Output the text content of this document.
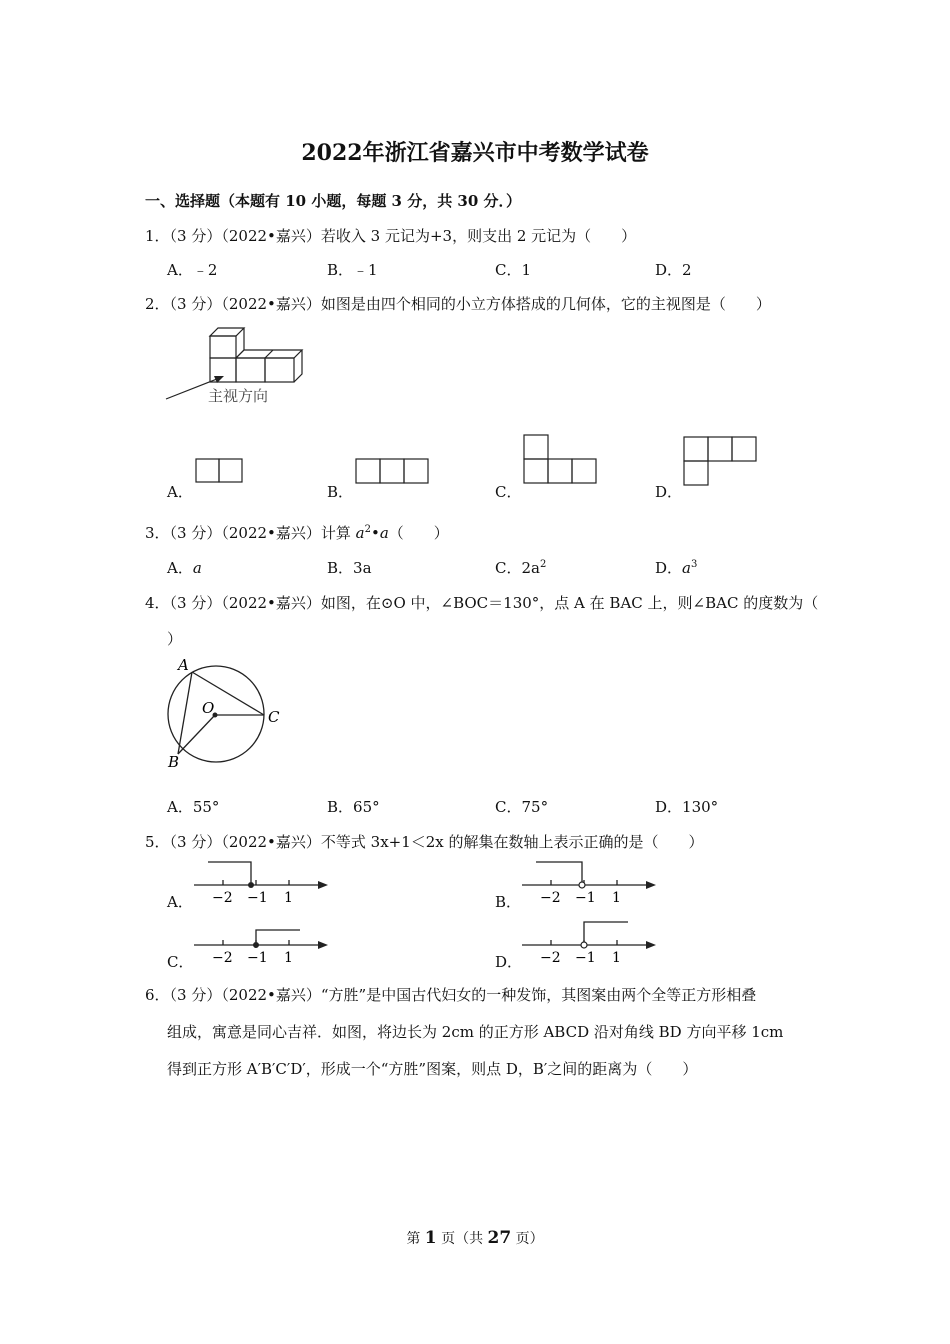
2022年浙江省嘉兴市中考数学试卷
一、选择题（本题有 10 小题，每题 3 分，共 30 分．）
1．（3 分）（2022•嘉兴）若收入 3 元记为+3，则支出 2 元记为（　　）
A．﹣2	B．﹣1	C．1	D．2
2．（3 分）（2022•嘉兴）如图是由四个相同的小立方体搭成的几何体，它的主视图是（　　）
主视方向
A．	B．	C．	D．
3．（3 分）（2022•嘉兴）计算 $a^2•a$（　　）
A．a	B．3a	C．$2a^2$	D．$a^3$
4．（3 分）（2022•嘉兴）如图，在⊙O 中，∠BOC＝130°，点 A 在 BAC 上，则∠BAC 的度数为（
）
A
O	C
B
A．55°	B．65°	C．75°	D．130°
5．（3 分）（2022•嘉兴）不等式 3x+1＜2x 的解集在数轴上表示正确的是（　　）
A． −2 −1 1	B． −2 −1 1
C． −2 −1 1	D． −2 −1 1
6．（3 分）（2022•嘉兴）“方胜”是中国古代妇女的一种发饰，其图案由两个全等正方形相叠
组成，寓意是同心吉祥．如图，将边长为 2cm 的正方形 ABCD 沿对角线 BD 方向平移 1cm
得到正方形 A′B′C′D′，形成一个“方胜”图案，则点 D，B′之间的距离为（　　）
第 1 页（共 27 页）
